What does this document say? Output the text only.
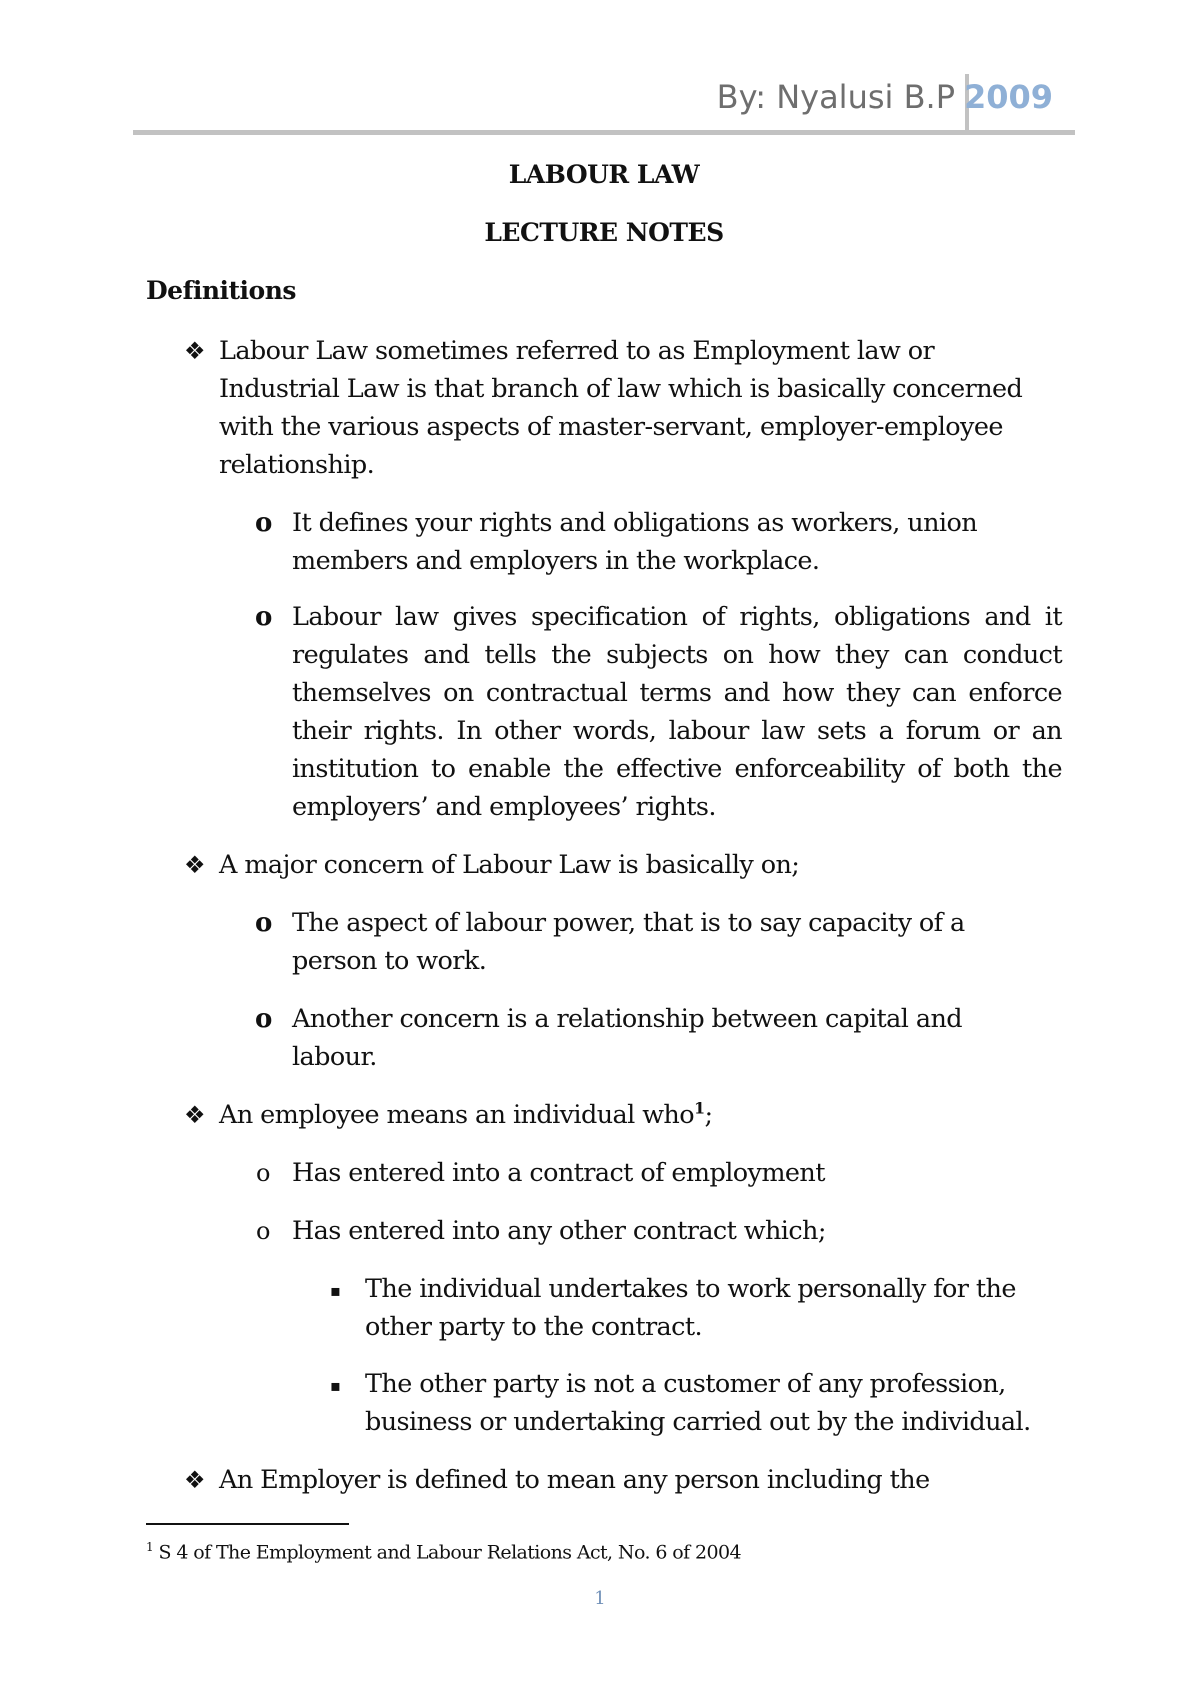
By: Nyalusi B.P 2009
LABOUR LAW
LECTURE NOTES
Definitions
❖ Labour Law sometimes referred to as Employment law or Industrial Law is that branch of law which is basically concerned with the various aspects of master-servant, employer-employee relationship.
o It defines your rights and obligations as workers, union members and employers in the workplace.
o Labour law gives specification of rights, obligations and it regulates and tells the subjects on how they can conduct themselves on contractual terms and how they can enforce their rights. In other words, labour law sets a forum or an institution to enable the effective enforceability of both the employers’ and employees’ rights.
❖ A major concern of Labour Law is basically on;
o The aspect of labour power, that is to say capacity of a person to work.
o Another concern is a relationship between capital and labour.
❖ An employee means an individual who$^1$;
o Has entered into a contract of employment
o Has entered into any other contract which;
▪ The individual undertakes to work personally for the other party to the contract.
▪ The other party is not a customer of any profession, business or undertaking carried out by the individual.
❖ An Employer is defined to mean any person including the
$^1$ S 4 of The Employment and Labour Relations Act, No. 6 of 2004
1
